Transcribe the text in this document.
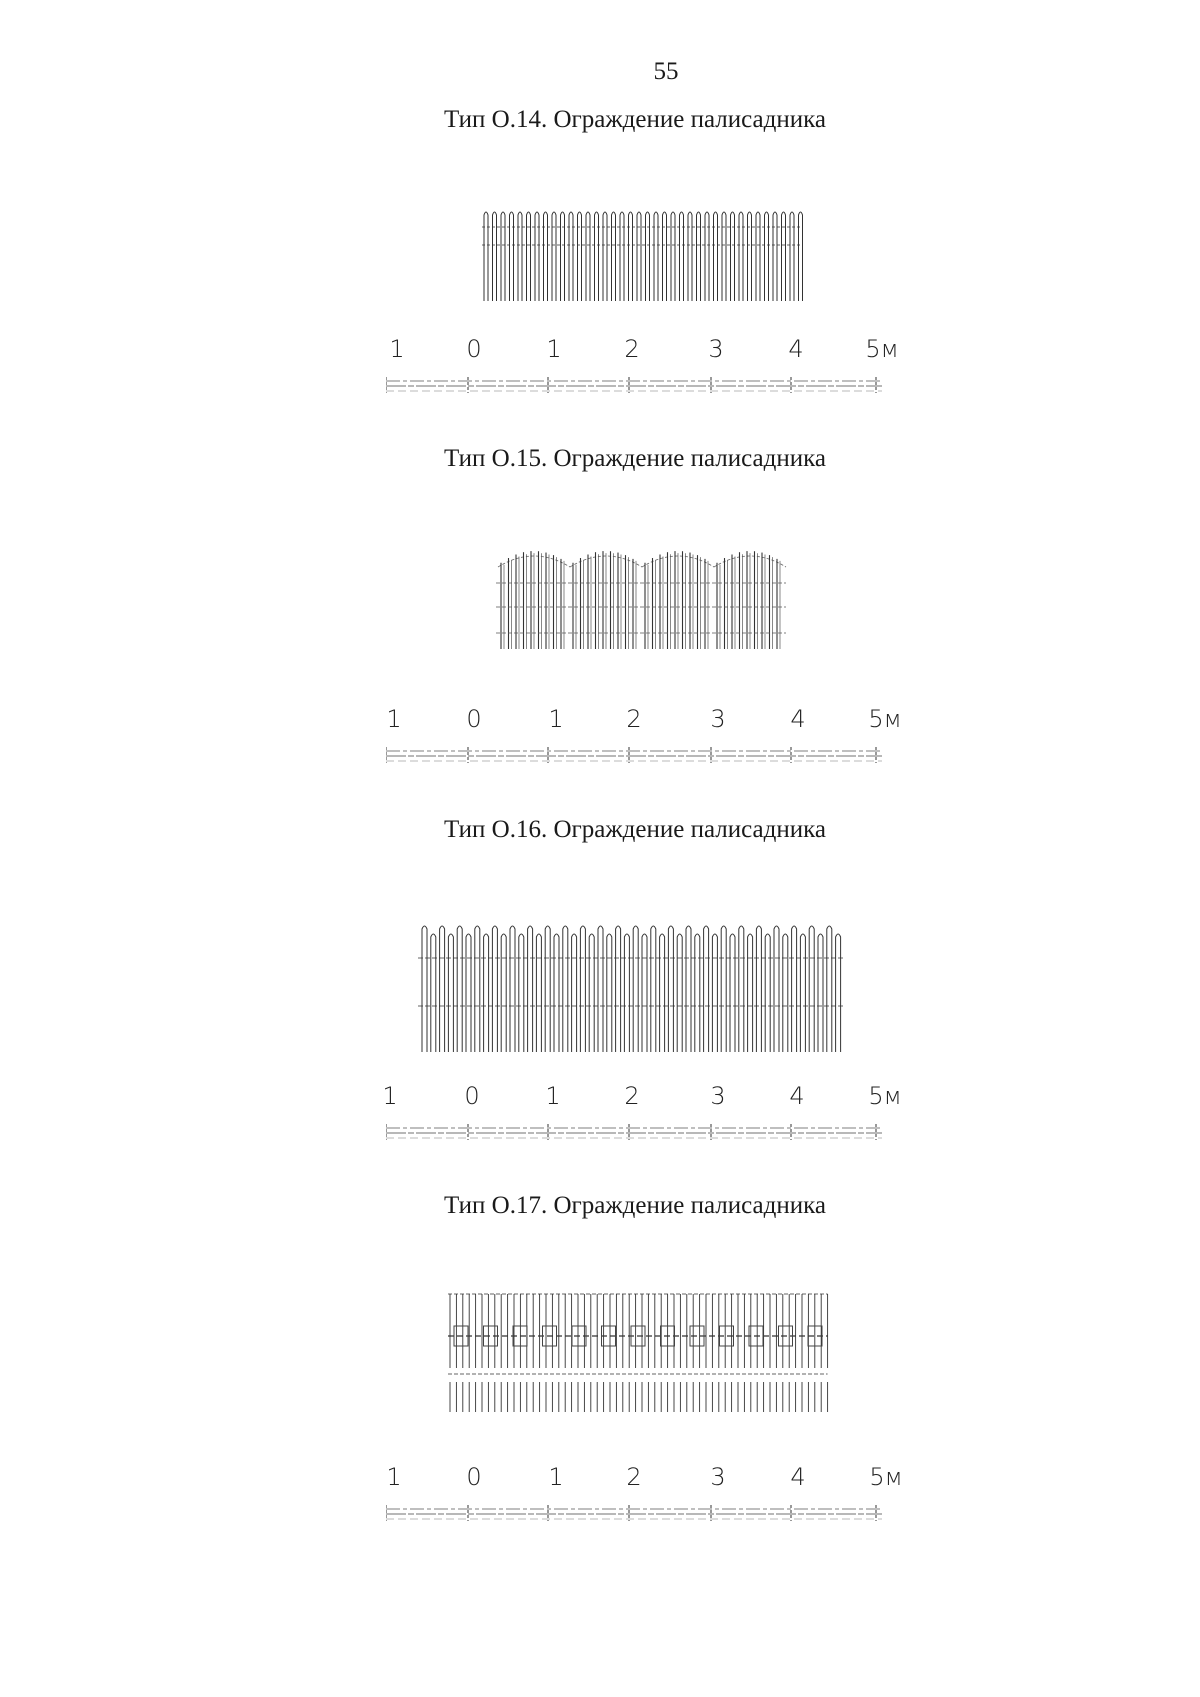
55
Тип О.14. Ограждение палисадника
1	0	1	2	3	4	5м
Тип О.15. Ограждение палисадника
1	0	1	2	3	4	5м
Тип О.16. Ограждение палисадника
1	0	1	2	3	4	5м
Тип О.17. Ограждение палисадника
1	0	1	2	3	4	5м
